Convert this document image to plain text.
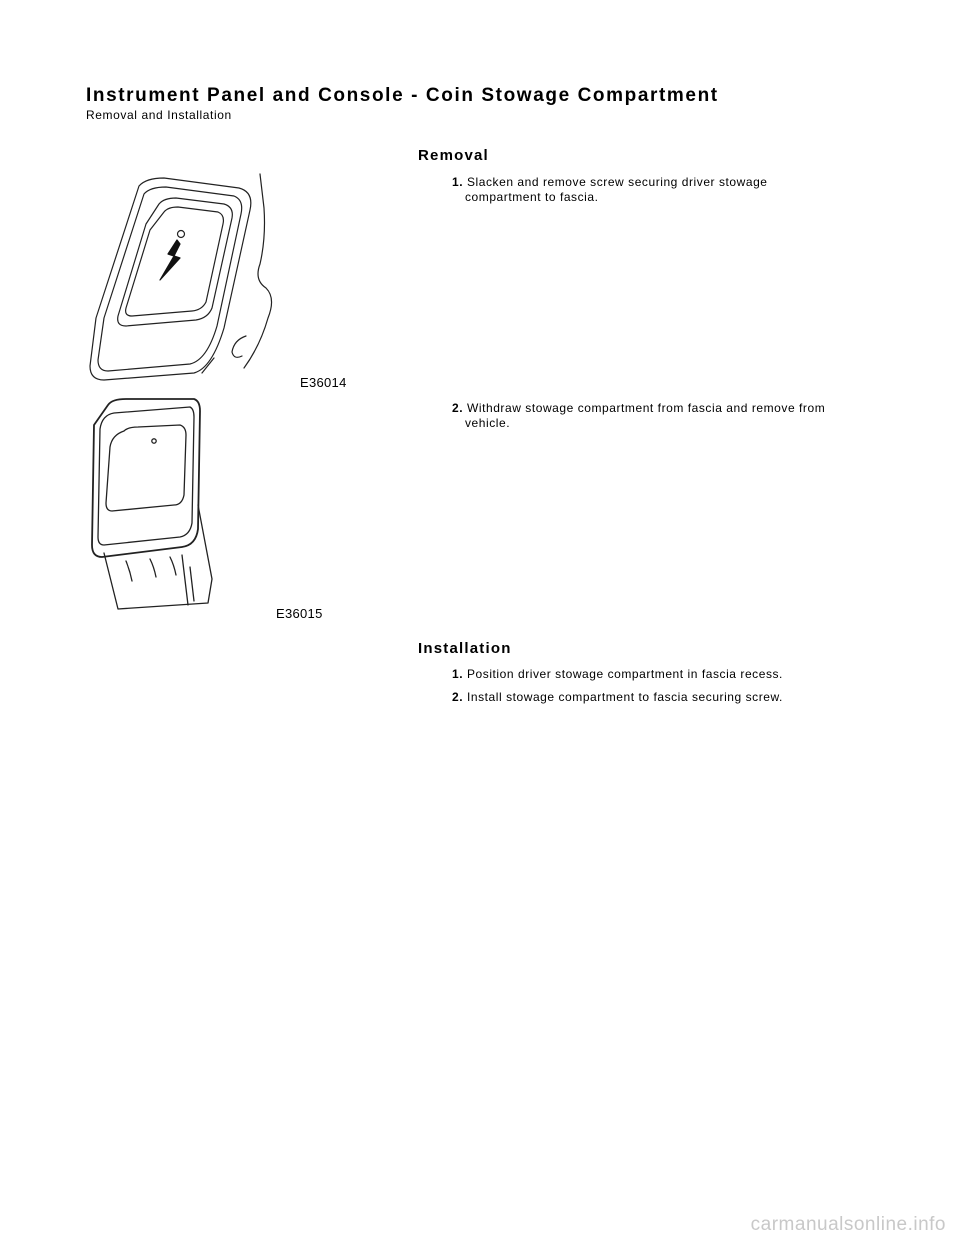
Instrument Panel and Console - Coin Stowage Compartment
Removal and Installation
Removal
1. Slacken and remove screw securing driver stowage
compartment to fascia.
2. Withdraw stowage compartment from fascia and remove from
vehicle.
Installation
1. Position driver stowage compartment in fascia recess.
2. Install stowage compartment to fascia securing screw.
E36014
E36015
carmanualsonline.info
